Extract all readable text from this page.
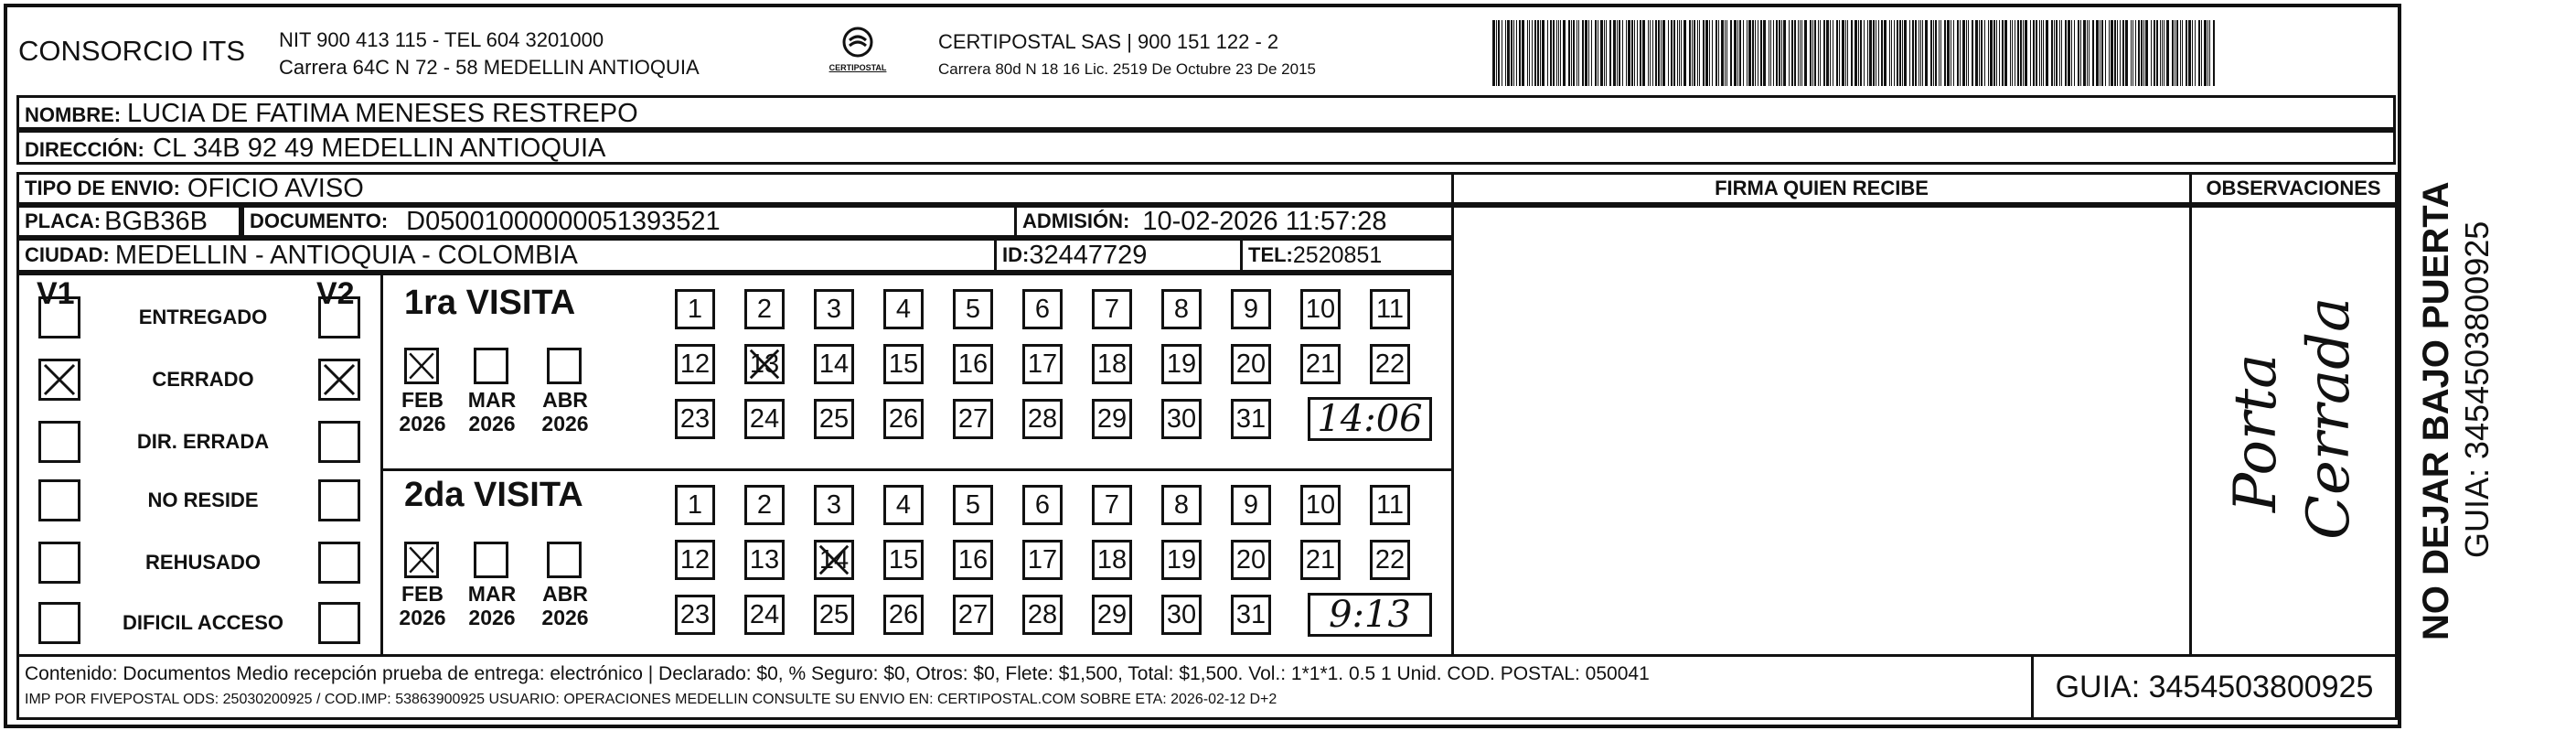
CONSORCIO ITS NIT 900 413 115 - TEL 604 3201000
Carrera 64C N 72 - 58 MEDELLIN ANTIOQUIA	CERTIPOSTAL
CERTIPOSTAL SAS | 900 151 122 - 2
Carrera 80d N 18 16 Lic. 2519 De Octubre 23 De 2015
NOMBRE: LUCIA DE FATIMA MENESES RESTREPO
DIRECCIÓN: CL 34B 92 49 MEDELLIN ANTIOQUIA
TIPO DE ENVIO: OFICIO AVISO	FIRMA QUIEN RECIBE	OBSERVACIONES
PLACA: BGB36B DOCUMENTO: D05001000000051393521	ADMISIÓN: 10-02-2026 11:57:28
CIUDAD: MEDELLIN - ANTIOQUIA - COLOMBIA	ID: 32447729	TEL: 2520851
V1	V2
ENTREGADO
CERRADO
DIR. ERRADA
NO RESIDE
REHUSADO
DIFICIL ACCESO
1ra VISITA
2da VISITA
FEB
2026
MAR
2026
ABR
2026
FEB
2026
MAR
2026
ABR
2026
1	2	3	4	5	6	7	8	9	10 11
12 13 14 15 16 17 18 19 20 21 22
23 24 25 26 27 28 29 30 31 14:06
1	2	3	4	5	6	7	8	9	10 11
12 13 14 15 16 17 18 19 20 21 22
23 24 25 26 27 28 29 30 31	9:13
Porta Cerrada NO DEJAR BAJO PUERTA GUIA: 3454503800925
Contenido: Documentos Medio recepción prueba de entrega: electrónico | Declarado: $0, % Seguro: $0, Otros: $0, Flete: $1,500, Total: $1,500. Vol.: 1*1*1. 0.5 1 Unid. COD. POSTAL: 050041
IMP POR FIVEPOSTAL ODS: 25030200925 / COD.IMP: 53863900925 USUARIO: OPERACIONES MEDELLIN CONSULTE SU ENVIO EN: CERTIPOSTAL.COM SOBRE ETA: 2026-02-12 D+2	GUIA: 3454503800925
